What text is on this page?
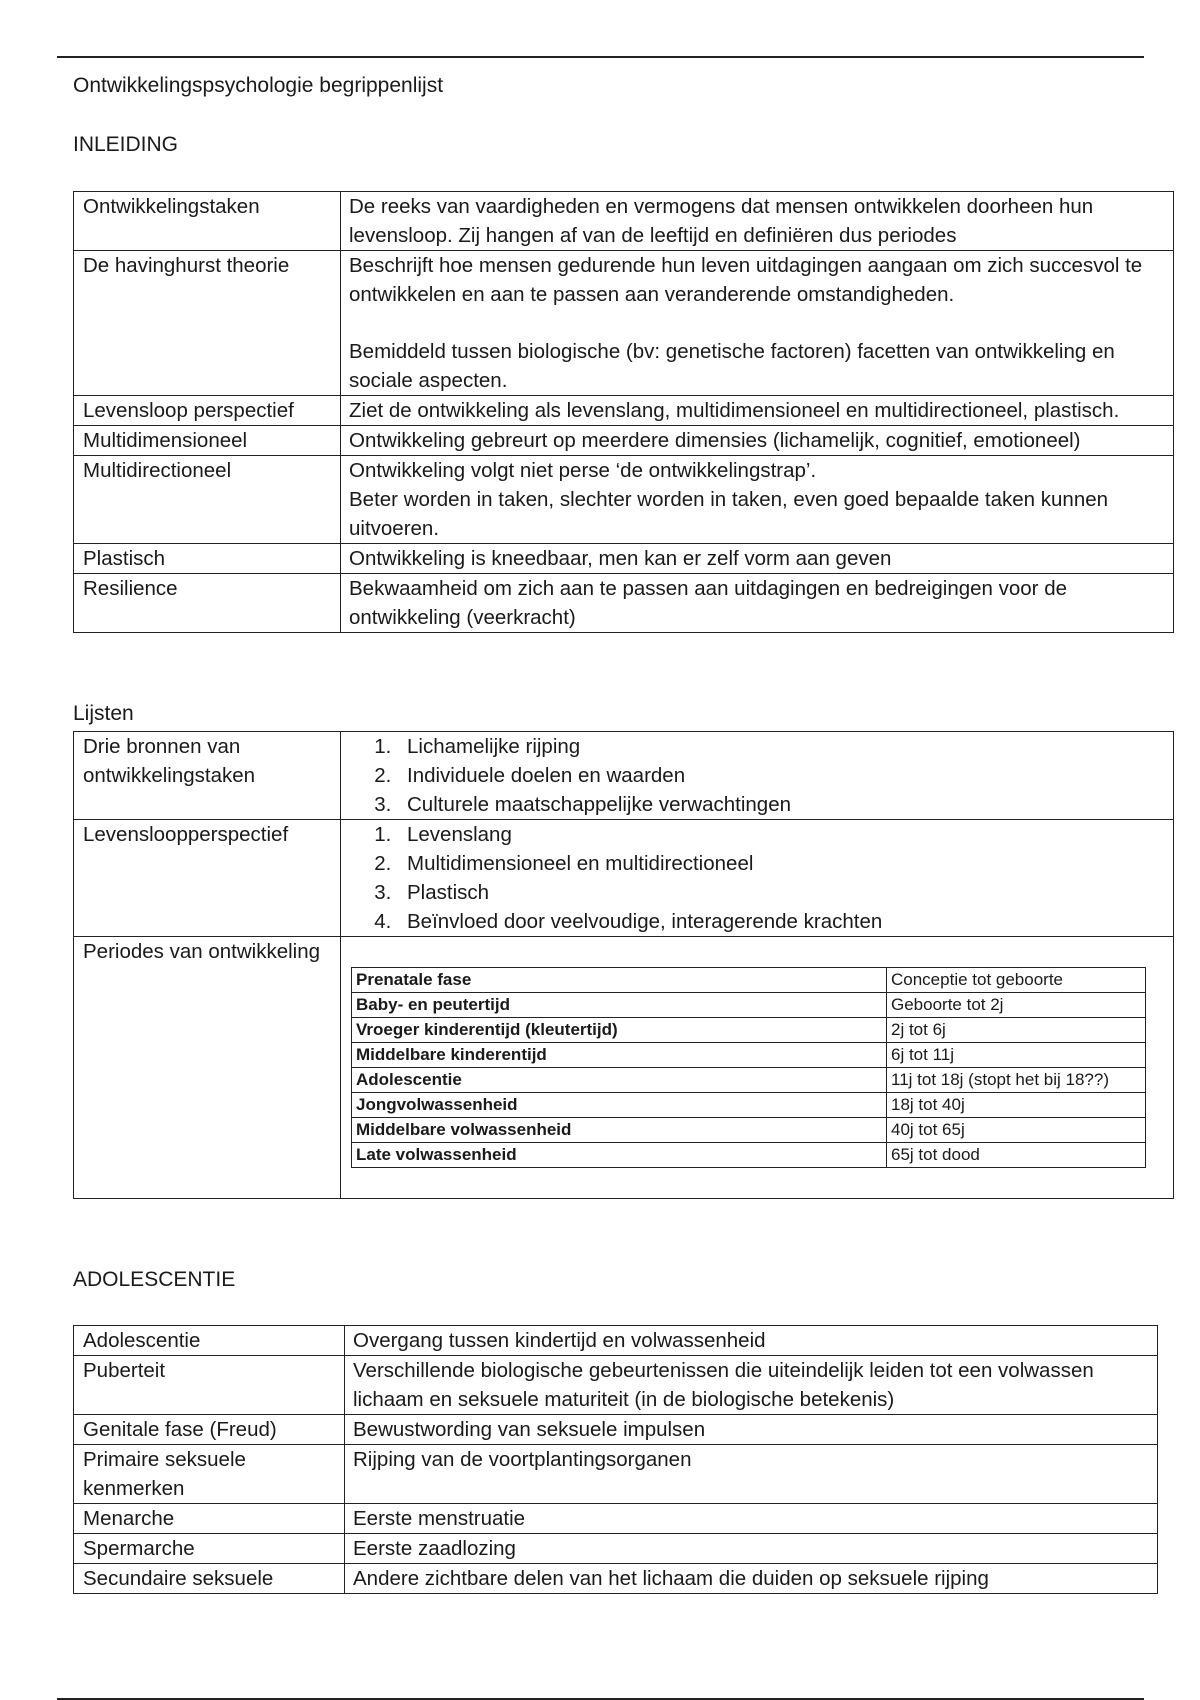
Ontwikkelingspsychologie begrippenlijst
INLEIDING
Ontwikkelingstaken	De reeks van vaardigheden en vermogens dat mensen ontwikkelen doorheen hun levensloop. Zij hangen af van de leeftijd en definiëren dus periodes
De havinghurst theorie	Beschrijft hoe mensen gedurende hun leven uitdagingen aangaan om zich succesvol te ontwikkelen en aan te passen aan veranderende omstandigheden.
Bemiddeld tussen biologische (bv: genetische factoren) facetten van ontwikkeling en sociale aspecten.
Levensloop perspectief	Ziet de ontwikkeling als levenslang, multidimensioneel en multidirectioneel, plastisch.
Multidimensioneel	Ontwikkeling gebreurt op meerdere dimensies (lichamelijk, cognitief, emotioneel)
Multidirectioneel	Ontwikkeling volgt niet perse ‘de ontwikkelingstrap’.
Beter worden in taken, slechter worden in taken, even goed bepaalde taken kunnen uitvoeren.

Plastisch	Ontwikkeling is kneedbaar, men kan er zelf vorm aan geven
Resilience	Bekwaamheid om zich aan te passen aan uitdagingen en bedreigingen voor de ontwikkeling (veerkracht)
Lijsten
Drie bronnen van ontwikkelingstaken	
1. Lichamelijke rijping
2. Individuele doelen en waarden
3. Culturele maatschappelijke verwachtingen

Levensloopperspectief	
1.Levenslang
2. Multidimensioneel en multidirectioneel
3. Plastisch
4. Beïnvloed door veelvoudige, interagerende krachten

Periodes van ontwikkeling	
Prenatale fase	Conceptie tot geboorte
Baby- en peutertijd	Geboorte tot 2j
Vroeger kinderentijd (kleutertijd)	2j tot 6j
Middelbare kinderentijd	6j tot 11j
Adolescentie	11j tot 18j (stopt het bij 18??)
Jongvolwassenheid	18j tot 40j
Middelbare volwassenheid	40j tot 65j
Late volwassenheid	65j tot dood
ADOLESCENTIE
Adolescentie	Overgang tussen kindertijd en volwassenheid
Puberteit	Verschillende biologische gebeurtenissen die uiteindelijk leiden tot een volwassen lichaam en seksuele maturiteit (in de biologische betekenis)
Genitale fase (Freud)	Bewustwording van seksuele impulsen
Primaire seksuele kenmerken	Rijping van de voortplantingsorganen
Menarche	Eerste menstruatie
Spermarche	Eerste zaadlozing
Secundaire seksuele	Andere zichtbare delen van het lichaam die duiden op seksuele rijping
